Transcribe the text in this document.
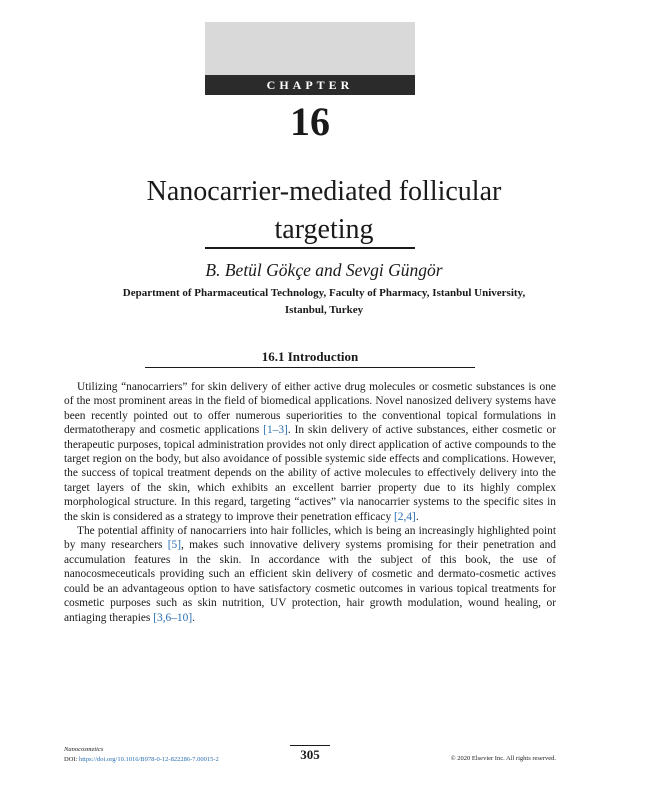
CHAPTER
16
Nanocarrier-mediated follicular
targeting
B. Betül Gökçe and Sevgi Güngör
Department of Pharmaceutical Technology, Faculty of Pharmacy, Istanbul University,
Istanbul, Turkey
16.1 Introduction

Utilizing “nanocarriers” for skin delivery of either active drug molecules or cosmetic substances is one of the most prominent areas in the field of biomedical applications. Novel nanosized delivery systems have been recently pointed out to offer numerous superiorities to the conventional topical formulations in dermatotherapy and cosmetic applications [1–3]. In skin delivery of active substances, either cosmetic or therapeutic purposes, topical administration provides not only direct application of active compounds to the target region on the body, but also avoidance of possible systemic side effects and complications. However, the success of topical treatment depends on the ability of active molecules to effectively delivery into the target layers of the skin, which exhibits an excellent barrier property due to its highly complex morphological structure. In this regard, targeting “actives” via nanocarrier systems to the specific sites in the skin is considered as a strategy to improve their penetration efficacy [2,4].

The potential affinity of nanocarriers into hair follicles, which is being an increasingly highlighted point by many researchers [5], makes such innovative delivery systems promising for their penetration and accumulation features in the skin. In accordance with the subject of this book, the use of nanocosmeceuticals providing such an efficient skin delivery of cosmetic and dermato-cosmetic actives could be an advantageous option to have satisfactory cosmetic outcomes in various topical treatments for cosmetic purposes such as skin nutrition, UV protection, hair growth modulation, wound healing, or antiaging therapies [3,6–10].

Nanocosmetics
DOI: https://doi.org/10.1016/B978-0-12-822286-7.00015-2	305	© 2020 Elsevier Inc. All rights reserved.
